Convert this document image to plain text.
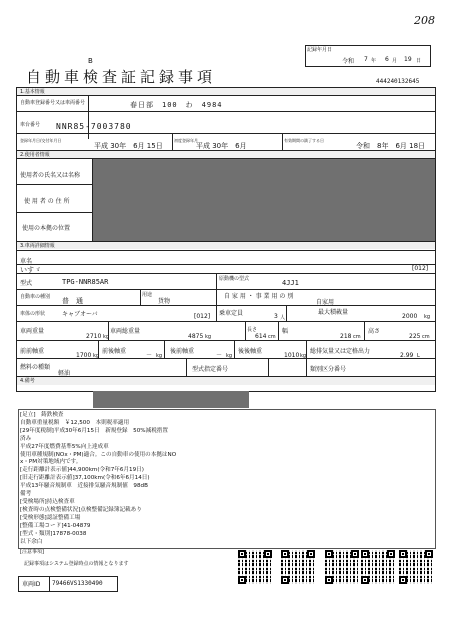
208
記録年月日
令和 7 年 6 月 19 日
B
自動車検査証記録事項	444240132645
1.基本情報
自動車登録番号又は車両番号	春日部　100　わ　4984
車台番号 NNR85-7003780
登録年月日/交付年月日
平成 30年　6月 15日
初度登録年月
平成 30年　6月
有効期間の満了する日
令和　8年　6月 18日
2.使用者情報
使用者の氏名又は名称
使 用 者 の 住 所
使用の本拠の位置
3.車両詳細情報
車名
いすゞ	[012]
型式	TPG-NNR85AR	原動機の型式	4JJ1
自動車の種別 普　通
用途
貨物
自 家 用 ・ 事 業 用 の 別
自家用
車体の形状	キャブオーバ	[012] 乗車定員	3 人
最大積載量
2000 kg
車両重量
2710 kg
車両総重量
4875 kg
長さ
614 cm
幅
218 cm
高さ
225 cm
前前軸重
1700 kg
前後軸重
－ kg
後前軸重
－ kg
後後軸重
1010 kg
総排気量又は定格出力
2.99 L
燃料の種類
軽油
型式指定番号	類別区分番号
4.備考
[足立]　鋳鉄検査
自動車重量税額　￥12,500　本則税率適用
[29年度税制]平成30年6月15日　新規登録　50%減税措置
済み
平成27年度燃費基準5%向上達成車
使用車種規制(NOx・PM)適合。この自動車の使用の本拠はNO
x・PM対策地域内です。
[走行距離計表示値]44,900km(令和7年6月19日)
[旧走行距離計表示値]37,100km(令和6年6月14日)
平成13年騒音規制車　近接排気騒音規制値　98dB
備考
[受検場所]持込検査車
[検査時の点検整備状況]点検整備記録簿記載あり
[受検形態]認証整備工場
[整備工場コード]41-04879
[型式・類別]17878-0038
以下余白
[注意事項]
記録事項はシステム登録時点の情報となります
車両ID 79466VS1330490
